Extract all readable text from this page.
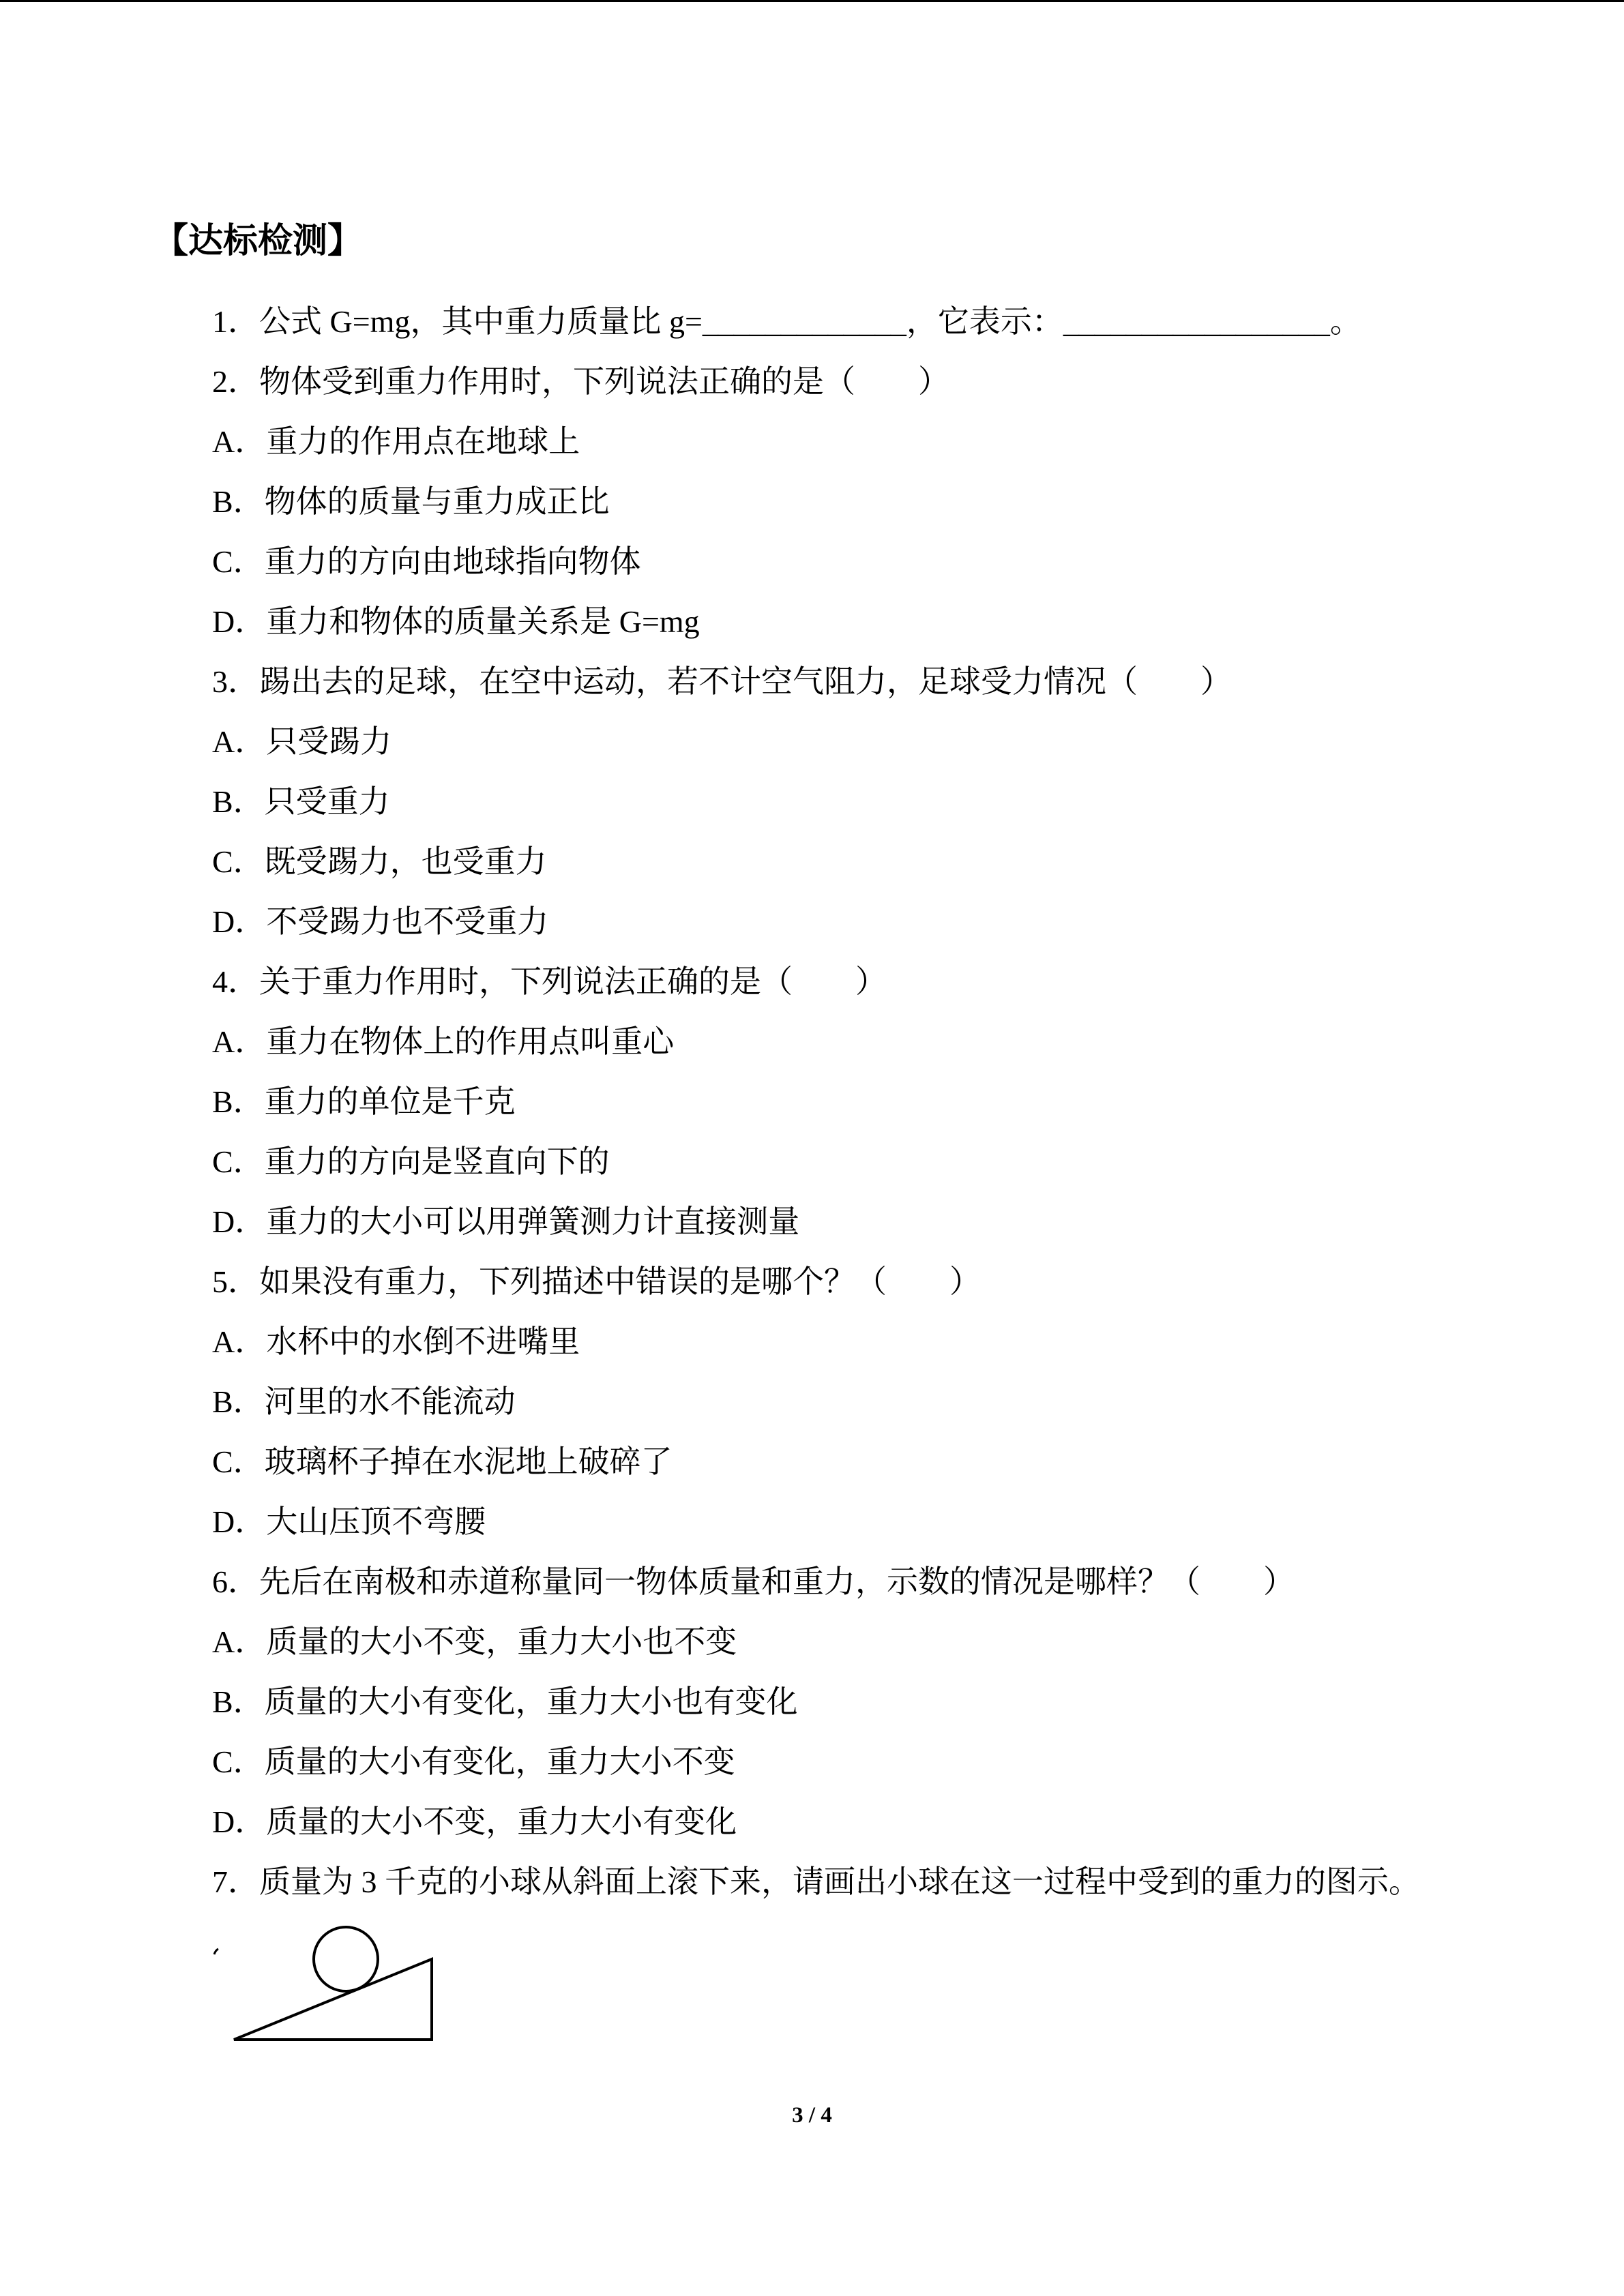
【达标检测】
1．公式 G=mg，其中重力质量比 g=_____________，它表示：_________________。
2．物体受到重力作用时，下列说法正确的是（　　）
A．重力的作用点在地球上
B．物体的质量与重力成正比
C．重力的方向由地球指向物体
D．重力和物体的质量关系是 G=mg
3．踢出去的足球，在空中运动，若不计空气阻力，足球受力情况（　　）
A．只受踢力
B．只受重力
C．既受踢力，也受重力
D．不受踢力也不受重力
4．关于重力作用时，下列说法正确的是（　　）
A．重力在物体上的作用点叫重心
B．重力的单位是千克
C．重力的方向是竖直向下的
D．重力的大小可以用弹簧测力计直接测量
5．如果没有重力，下列描述中错误的是哪个？（　　）
A．水杯中的水倒不进嘴里
B．河里的水不能流动
C．玻璃杯子掉在水泥地上破碎了
D．大山压顶不弯腰
6．先后在南极和赤道称量同一物体质量和重力，示数的情况是哪样？（　　）
A．质量的大小不变，重力大小也不变
B．质量的大小有变化，重力大小也有变化
C．质量的大小有变化，重力大小不变
D．质量的大小不变，重力大小有变化
7．质量为 3 千克的小球从斜面上滚下来，请画出小球在这一过程中受到的重力的图示。
3 / 4
